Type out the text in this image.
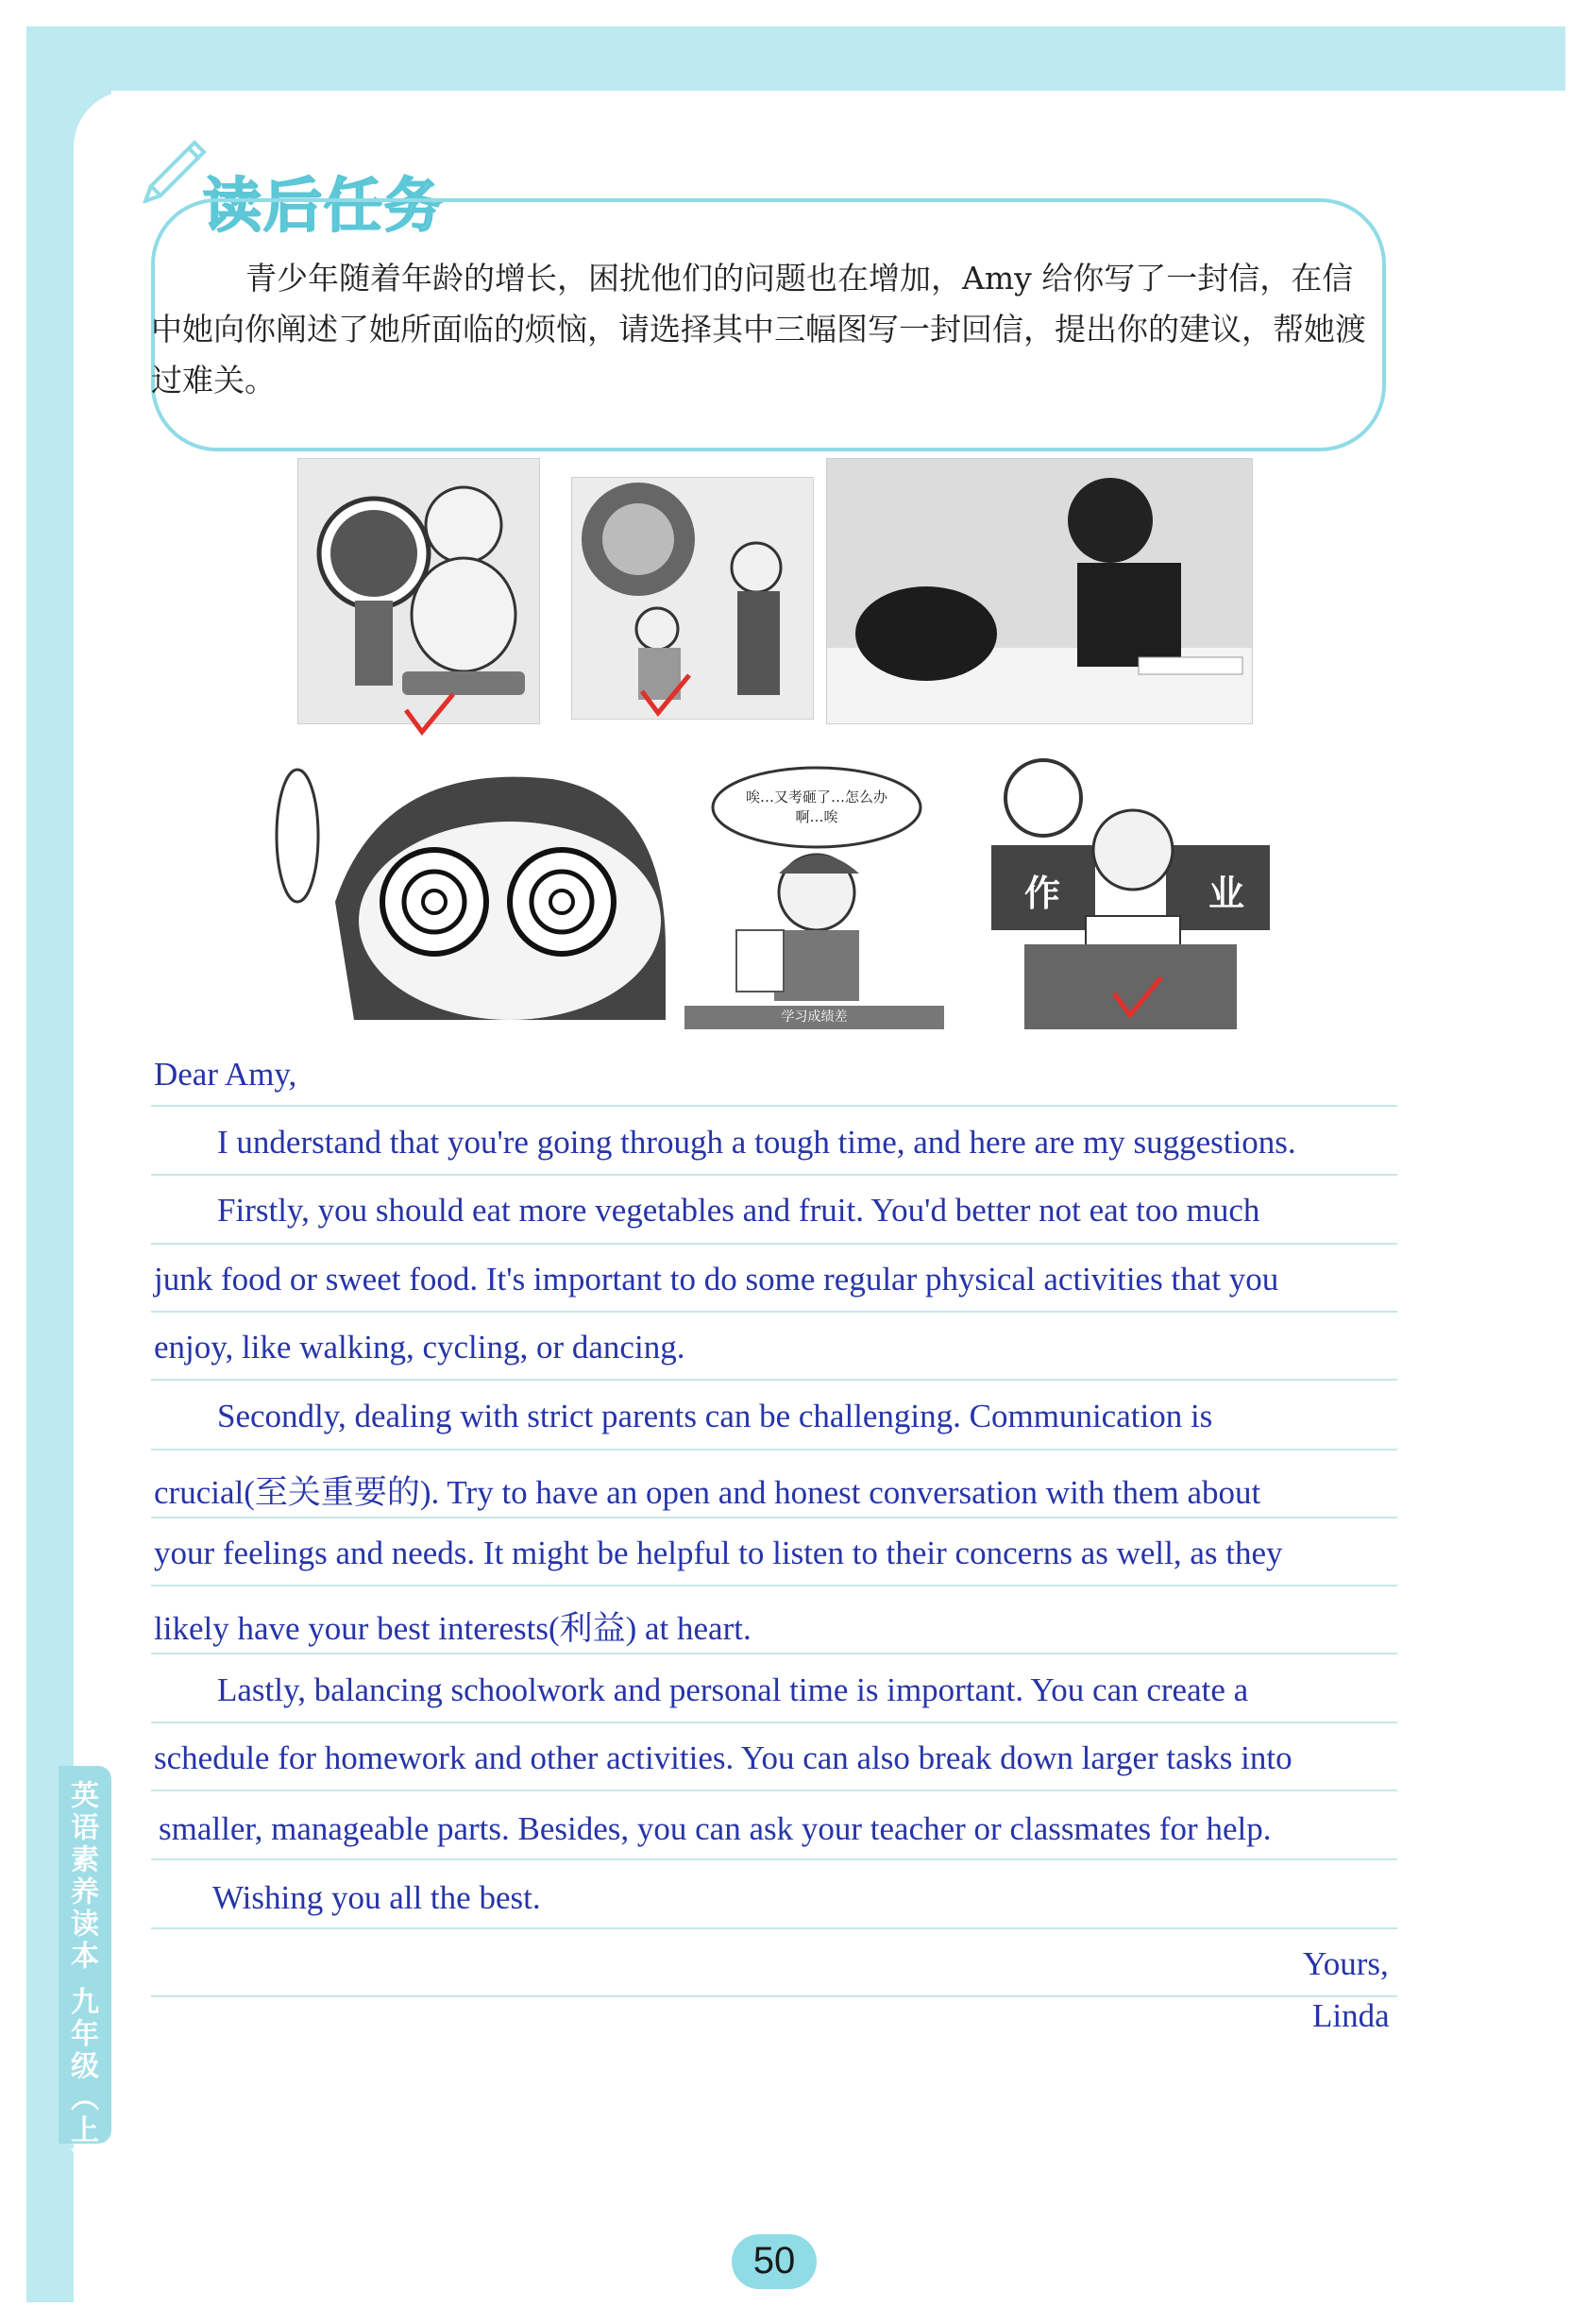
英语素养读本 九年级（上）
读后任务
青少年随着年龄的增长，困扰他们的问题也在增加，Amy 给你写了一封信，在信中她向你阐述了她所面临的烦恼，请选择其中三幅图写一封回信，提出你的建议，帮她渡过难关。
学习成绩差
唉…又考砸了…怎么办啊…唉
作	业
Dear Amy,
I understand that you're going through a tough time, and here are my suggestions.
Firstly, you should eat more vegetables and fruit. You'd better not eat too much
junk food or sweet food. It's important to do some regular physical activities that you
enjoy, like walking, cycling, or dancing.
Secondly, dealing with strict parents can be challenging. Communication is
crucial(至关重要的). Try to have an open and honest conversation with them about
your feelings and needs. It might be helpful to listen to their concerns as well, as they
likely have your best interests(利益) at heart.
Lastly, balancing schoolwork and personal time is important. You can create a
schedule for homework and other activities. You can also break down larger tasks into
smaller, manageable parts. Besides, you can ask your teacher or classmates for help.
Wishing you all the best.
Yours,
Linda
50
